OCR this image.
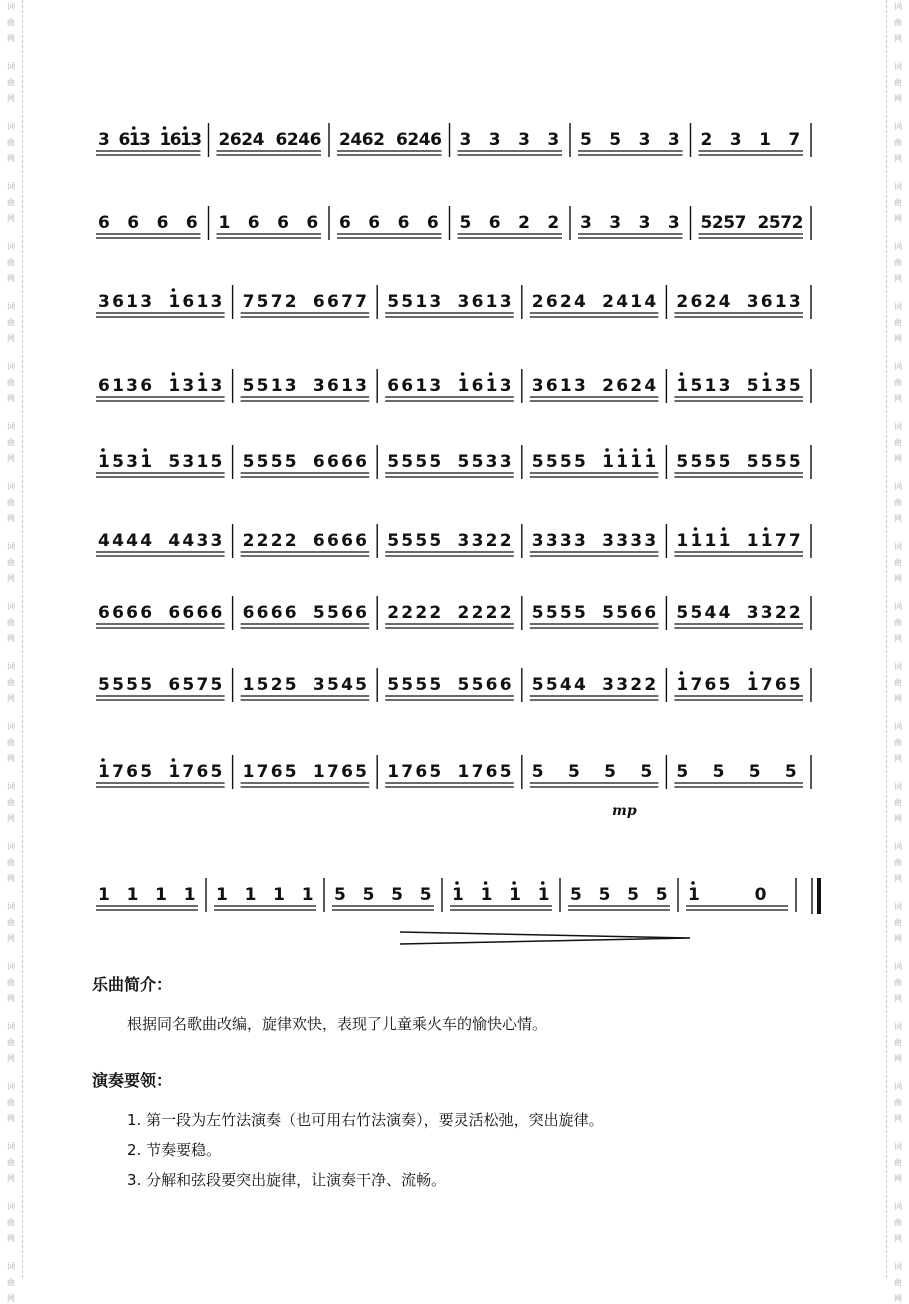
词
曲
网
词
曲
网
词
曲
网
词
曲
网
词
曲
网
词
曲
网
词
曲
网
词
曲
网
词
曲
网
词
曲
网
词
曲
网
词
曲
网
词
曲
网
词
曲
网
词
曲
网
词
曲
网
词
曲
网
词
曲
网
词
曲
网
词
曲
网
词
曲
网
词
曲
网
词
曲
网
词
曲
网
词
曲
网
词
曲
网
词
曲
网
词
曲
网
词
曲
网
词
曲
网
词
曲
网
词
曲
网
词
曲
网
词
曲
网
词
曲
网
词
曲
网
词
曲
网
词
曲
网
词
曲
网
词
曲
网
词
曲
网
词
曲
网
词
曲
网
词
曲
网
3 6
1
3 1
6
1
3 2 6 2 4 6 2 4 6 2 4 6 2 6 2 4 6 3 3 3 3 5 5 3 3 2 3 1 7
6 6 6 6 1 6 6 6 6 6 6 6 5 6 2 2 3 3 3 3 5 2 5 7 2 5 7 2
3 6 1 3 1 6 1 3 7 5 7 2 6 6 7 7 5 5 1 3 3 6 1 3 2 6 2 4 2 4 1 4 2 6 2 4 3 6 1 3
6 1 3 6 1 3 1 3 5 5 1 3 3 6 1 3 6 6 1 3 1 6 1 3 3 6 1 3 2 6 2 4 1 5 1 3 5 1 3 5
1 5 3 1 5 3 1 5 5 5 5 5 6 6 6 6 5 5 5 5 5 5 3 3 5 5 5 5 1 1 1 1 5 5 5 5 5 5 5 5
4 4 4 4 4 4 3 3 2 2 2 2 6 6 6 6 5 5 5 5 3 3 2 2 3 3 3 3 3 3 3 3 1 1 1 1 1 1 7 7
6 6 6 6 6 6 6 6 6 6 6 6 5 5 6 6 2 2 2 2 2 2 2 2 5 5 5 5 5 5 6 6 5 5 4 4 3 3 2 2
5 5 5 5 6 5 7 5 1 5 2 5 3 5 4 5 5 5 5 5 5 5 6 6 5 5 4 4 3 3 2 2 1 7 6 5 1 7 6 5
1 7 6 5 1 7 6 5 1 7 6 5 1 7 6 5 1 7 6 5 1 7 6 5 5 5 5 5 5 5 5 5
1 1 1 1 1 1 1 1 5 5 5 5 1 1 1 1 5 5 5 5 1	0
mp
乐曲简介：
根据同名歌曲改编，旋律欢快，表现了儿童乘火车的愉快心情。
演奏要领：
1. 第一段为左竹法演奏（也可用右竹法演奏），要灵活松弛，突出旋律。
2. 节奏要稳。
3. 分解和弦段要突出旋律，让演奏干净、流畅。
